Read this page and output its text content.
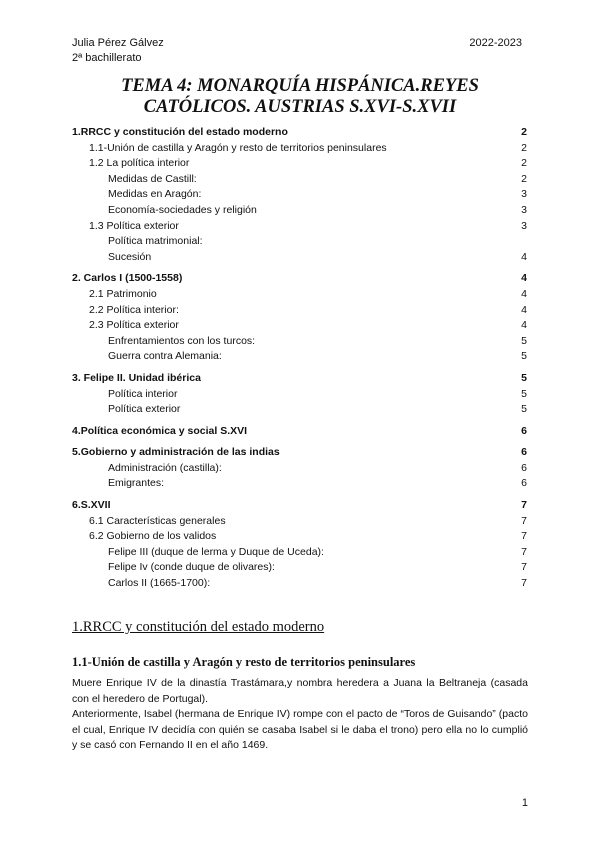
Julia Pérez Gálvez
2ª bachillerato
2022-2023
TEMA 4: MONARQUÍA HISPÁNICA.REYES
CATÓLICOS. AUSTRIAS S.XVI-S.XVII
1.RRCC y constitución del estado moderno	2
1.1-Unión de castilla y Aragón y resto de territorios peninsulares	2
1.2 La política interior	2
Medidas de Castill:	2
Medidas en Aragón:	3
Economía-sociedades y religión	3
1.3 Política exterior	3
Política matrimonial:
Sucesión	4
2. Carlos I (1500-1558)	4
2.1 Patrimonio	4
2.2 Política interior:	4
2.3 Política exterior	4
Enfrentamientos con los turcos:	5
Guerra contra Alemania:	5
3. Felipe II. Unidad ibérica	5
Política interior	5
Política exterior	5
4.Política económica y social S.XVI	6
5.Gobierno y administración de las indias	6
Administración (castilla):	6
Emigrantes:	6
6.S.XVII	7
6.1 Características generales	7
6.2 Gobierno de los validos	7
Felipe III (duque de lerma y Duque de Uceda):	7
Felipe Iv (conde duque de olivares):	7
Carlos II (1665-1700):	7
1.RRCC y constitución del estado moderno
1.1-Unión de castilla y Aragón y resto de territorios peninsulares

Muere Enrique IV de la dinastía Trastámara,y nombra heredera a Juana la Beltraneja (casada con el heredero de Portugal).

Anteriormente, Isabel (hermana de Enrique IV) rompe con el pacto de “Toros de Guisando” (pacto el cual, Enrique IV decidía con quién se casaba Isabel si le daba el trono) pero ella no lo cumplió y se casó con Fernando II en el año 1469.

1
